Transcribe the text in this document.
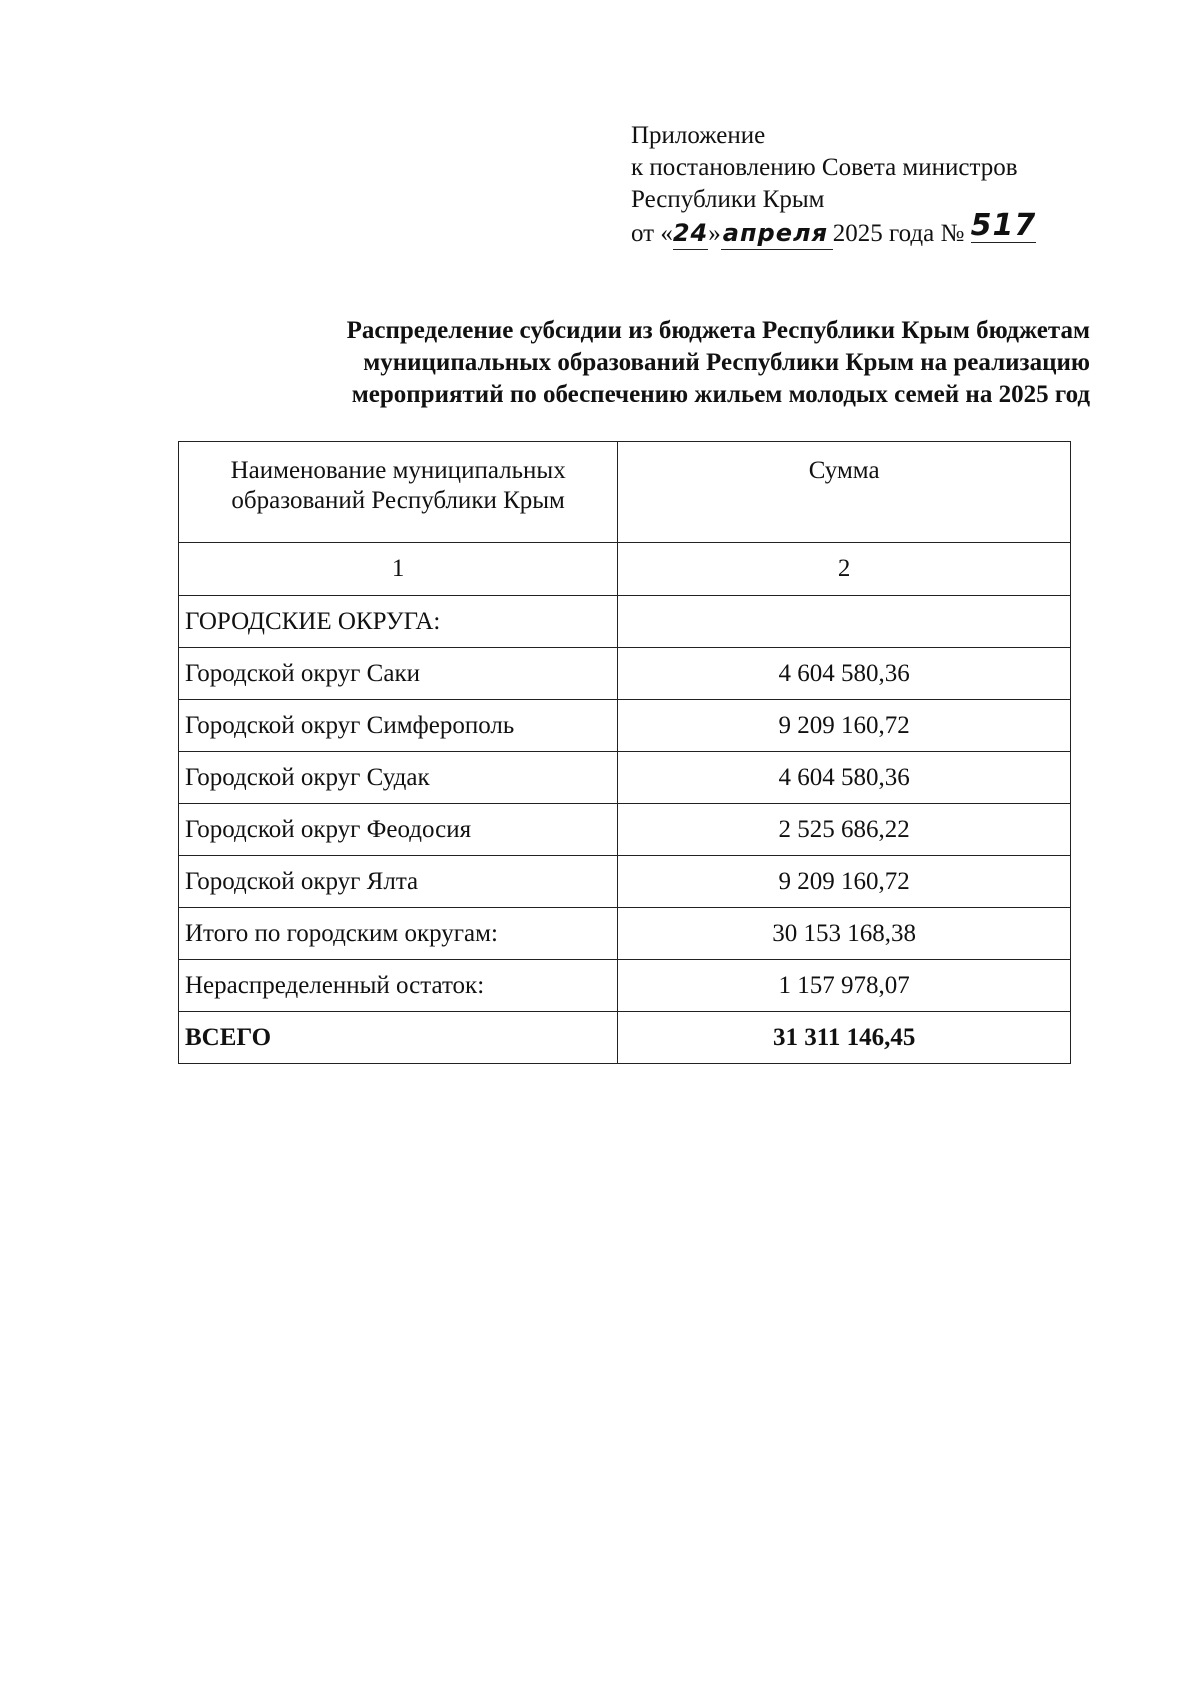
Приложение
к постановлению Совета министров
Республики Крым
от «24»апреля 2025 года № 517
Распределение субсидии из бюджета Республики Крым бюджетам
муниципальных образований Республики Крым на реализацию
мероприятий по обеспечению жильем молодых семей на 2025 год
Наименование муниципальных
образований Республики Крым	Сумма
1	2
ГОРОДСКИЕ ОКРУГА:	
Городской округ Саки	4 604 580,36
Городской округ Симферополь	9 209 160,72
Городской округ Судак	4 604 580,36
Городской округ Феодосия	2 525 686,22
Городской округ Ялта	9 209 160,72
Итого по городским округам:	30 153 168,38
Нераспределенный остаток:	1 157 978,07
ВСЕГО	31 311 146,45
